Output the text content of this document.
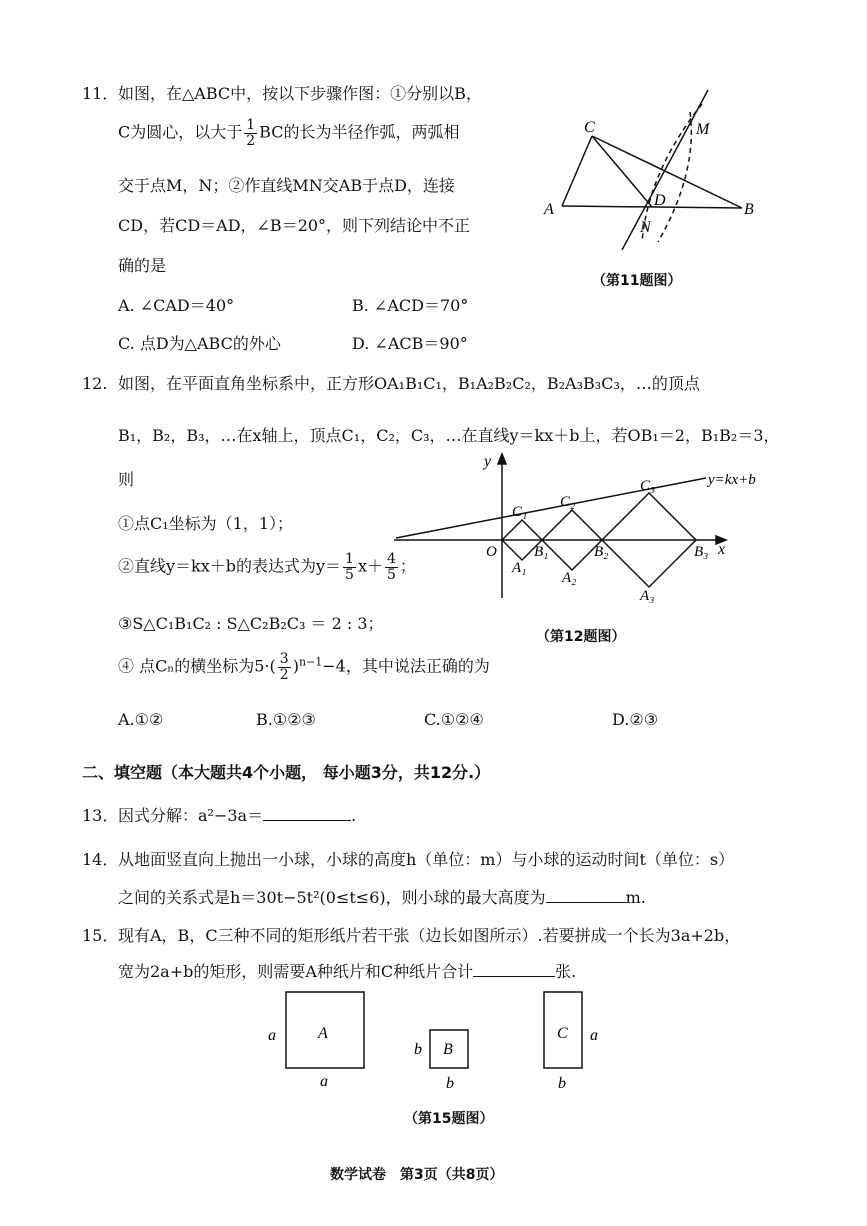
11． 如图，在△ABC中，按以下步骤作图：①分别以B，
C为圆心，以大于 $\frac{1}{2}$ BC的长为半径作弧，两弧相
交于点M，N；②作直线MN交AB于点D，连接
CD，若CD＝AD，∠B＝20°，则下列结论中不正
确的是
A. ∠CAD＝40°	B. ∠ACD＝70°
C. 点D为△ABC的外心	D. ∠ACB＝90°
C
A	B
D
M
N
（第11题图）
12. 如图，在平面直角坐标系中，正方形OA₁B₁C₁，B₁A₂B₂C₂，B₂A₃B₃C₃，…的顶点
B₁，B₂，B₃，…在x轴上，顶点C₁，C₂，C₃，…在直线y＝kx＋b上，若OB₁＝2，B₁B₂＝3，
则
①点C₁坐标为（1，1）；
②直线y＝kx＋b的表达式为$y= \frac{1}{5} x+ \frac{4}{5}$ ；
③S△C₁B₁C₂ : S△C₂B₂C₃ ＝ 2 : 3；
④ 点Cₙ的横坐标为$5\cdot( \frac{3}{2} )^{n-1}-4$，其中说法正确的为
A.①②	B.①②③	C.①②④	D.②③
y
x
O
y=kx+b
C₁
C₂
C₃
B₁	B₂	B₃
A₁
A₂
A₃
（第12题图）
二、填空题（本大题共4个小题， 每小题3分，共12分.）
13． 因式分解：a²−3a＝	.
14． 从地面竖直向上抛出一小球，小球的高度h（单位：m）与小球的运动时间t（单位：s）
之间的关系式是h＝30t−5t²(0≤t≤6)，则小球的最大高度为	m.
15． 现有A，B，C三种不同的矩形纸片若干张（边长如图所示）.若要拼成一个长为3a+2b，
宽为2a+b的矩形，则需要A种纸片和C种纸片合计	张.
A
a
a
B
b
b
C a
b
（第15题图）
数学试卷　第3页（共8页）
